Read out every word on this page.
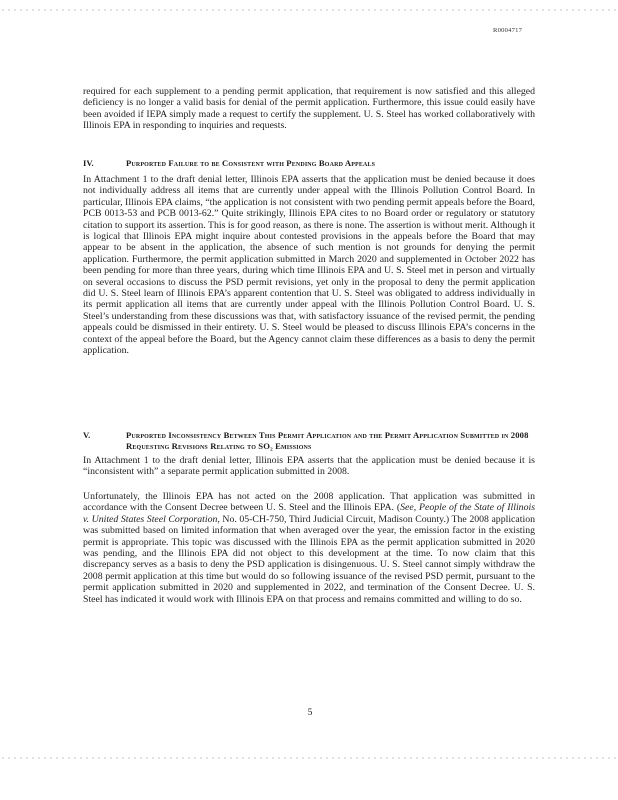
R0004717

required for each supplement to a pending permit application, that requirement is now satisfied and this alleged deficiency is no longer a valid basis for denial of the permit application. Furthermore, this issue could easily have been avoided if IEPA simply made a request to certify the supplement. U. S. Steel has worked collaboratively with Illinois EPA in responding to inquiries and requests.

IV.	Purported Failure to be Consistent with Pending Board Appeals

In Attachment 1 to the draft denial letter, Illinois EPA asserts that the application must be denied because it does not individually address all items that are currently under appeal with the Illinois Pollution Control Board. In particular, Illinois EPA claims, “the application is not consistent with two pending permit appeals before the Board, PCB 0013-53 and PCB 0013-62.” Quite strikingly, Illinois EPA cites to no Board order or regulatory or statutory citation to support its assertion. This is for good reason, as there is none. The assertion is without merit. Although it is logical that Illinois EPA might inquire about contested provisions in the appeals before the Board that may appear to be absent in the application, the absence of such mention is not grounds for denying the permit application. Furthermore, the permit application submitted in March 2020 and supplemented in October 2022 has been pending for more than three years, during which time Illinois EPA and U. S. Steel met in person and virtually on several occasions to discuss the PSD permit revisions, yet only in the proposal to deny the permit application did U. S. Steel learn of Illinois EPA’s apparent contention that U. S. Steel was obligated to address individually in its permit application all items that are currently under appeal with the Illinois Pollution Control Board. U. S. Steel’s understanding from these discussions was that, with satisfactory issuance of the revised permit, the pending appeals could be dismissed in their entirety. U. S. Steel would be pleased to discuss Illinois EPA’s concerns in the context of the appeal before the Board, but the Agency cannot claim these differences as a basis to deny the permit application.

V.	Purported Inconsistency Between This Permit Application and the Permit Application Submitted in 2008 Requesting Revisions Relating to SO₂ Emissions

In Attachment 1 to the draft denial letter, Illinois EPA asserts that the application must be denied because it is “inconsistent with” a separate permit application submitted in 2008.

Unfortunately, the Illinois EPA has not acted on the 2008 application. That application was submitted in accordance with the Consent Decree between U. S. Steel and the Illinois EPA. (See, People of the State of Illinois v. United States Steel Corporation, No. 05-CH-750, Third Judicial Circuit, Madison County.) The 2008 application was submitted based on limited information that when averaged over the year, the emission factor in the existing permit is appropriate. This topic was discussed with the Illinois EPA as the permit application submitted in 2020 was pending, and the Illinois EPA did not object to this development at the time. To now claim that this discrepancy serves as a basis to deny the PSD application is disingenuous. U. S. Steel cannot simply withdraw the 2008 permit application at this time but would do so following issuance of the revised PSD permit, pursuant to the permit application submitted in 2020 and supplemented in 2022, and termination of the Consent Decree. U. S. Steel has indicated it would work with Illinois EPA on that process and remains committed and willing to do so.

5
